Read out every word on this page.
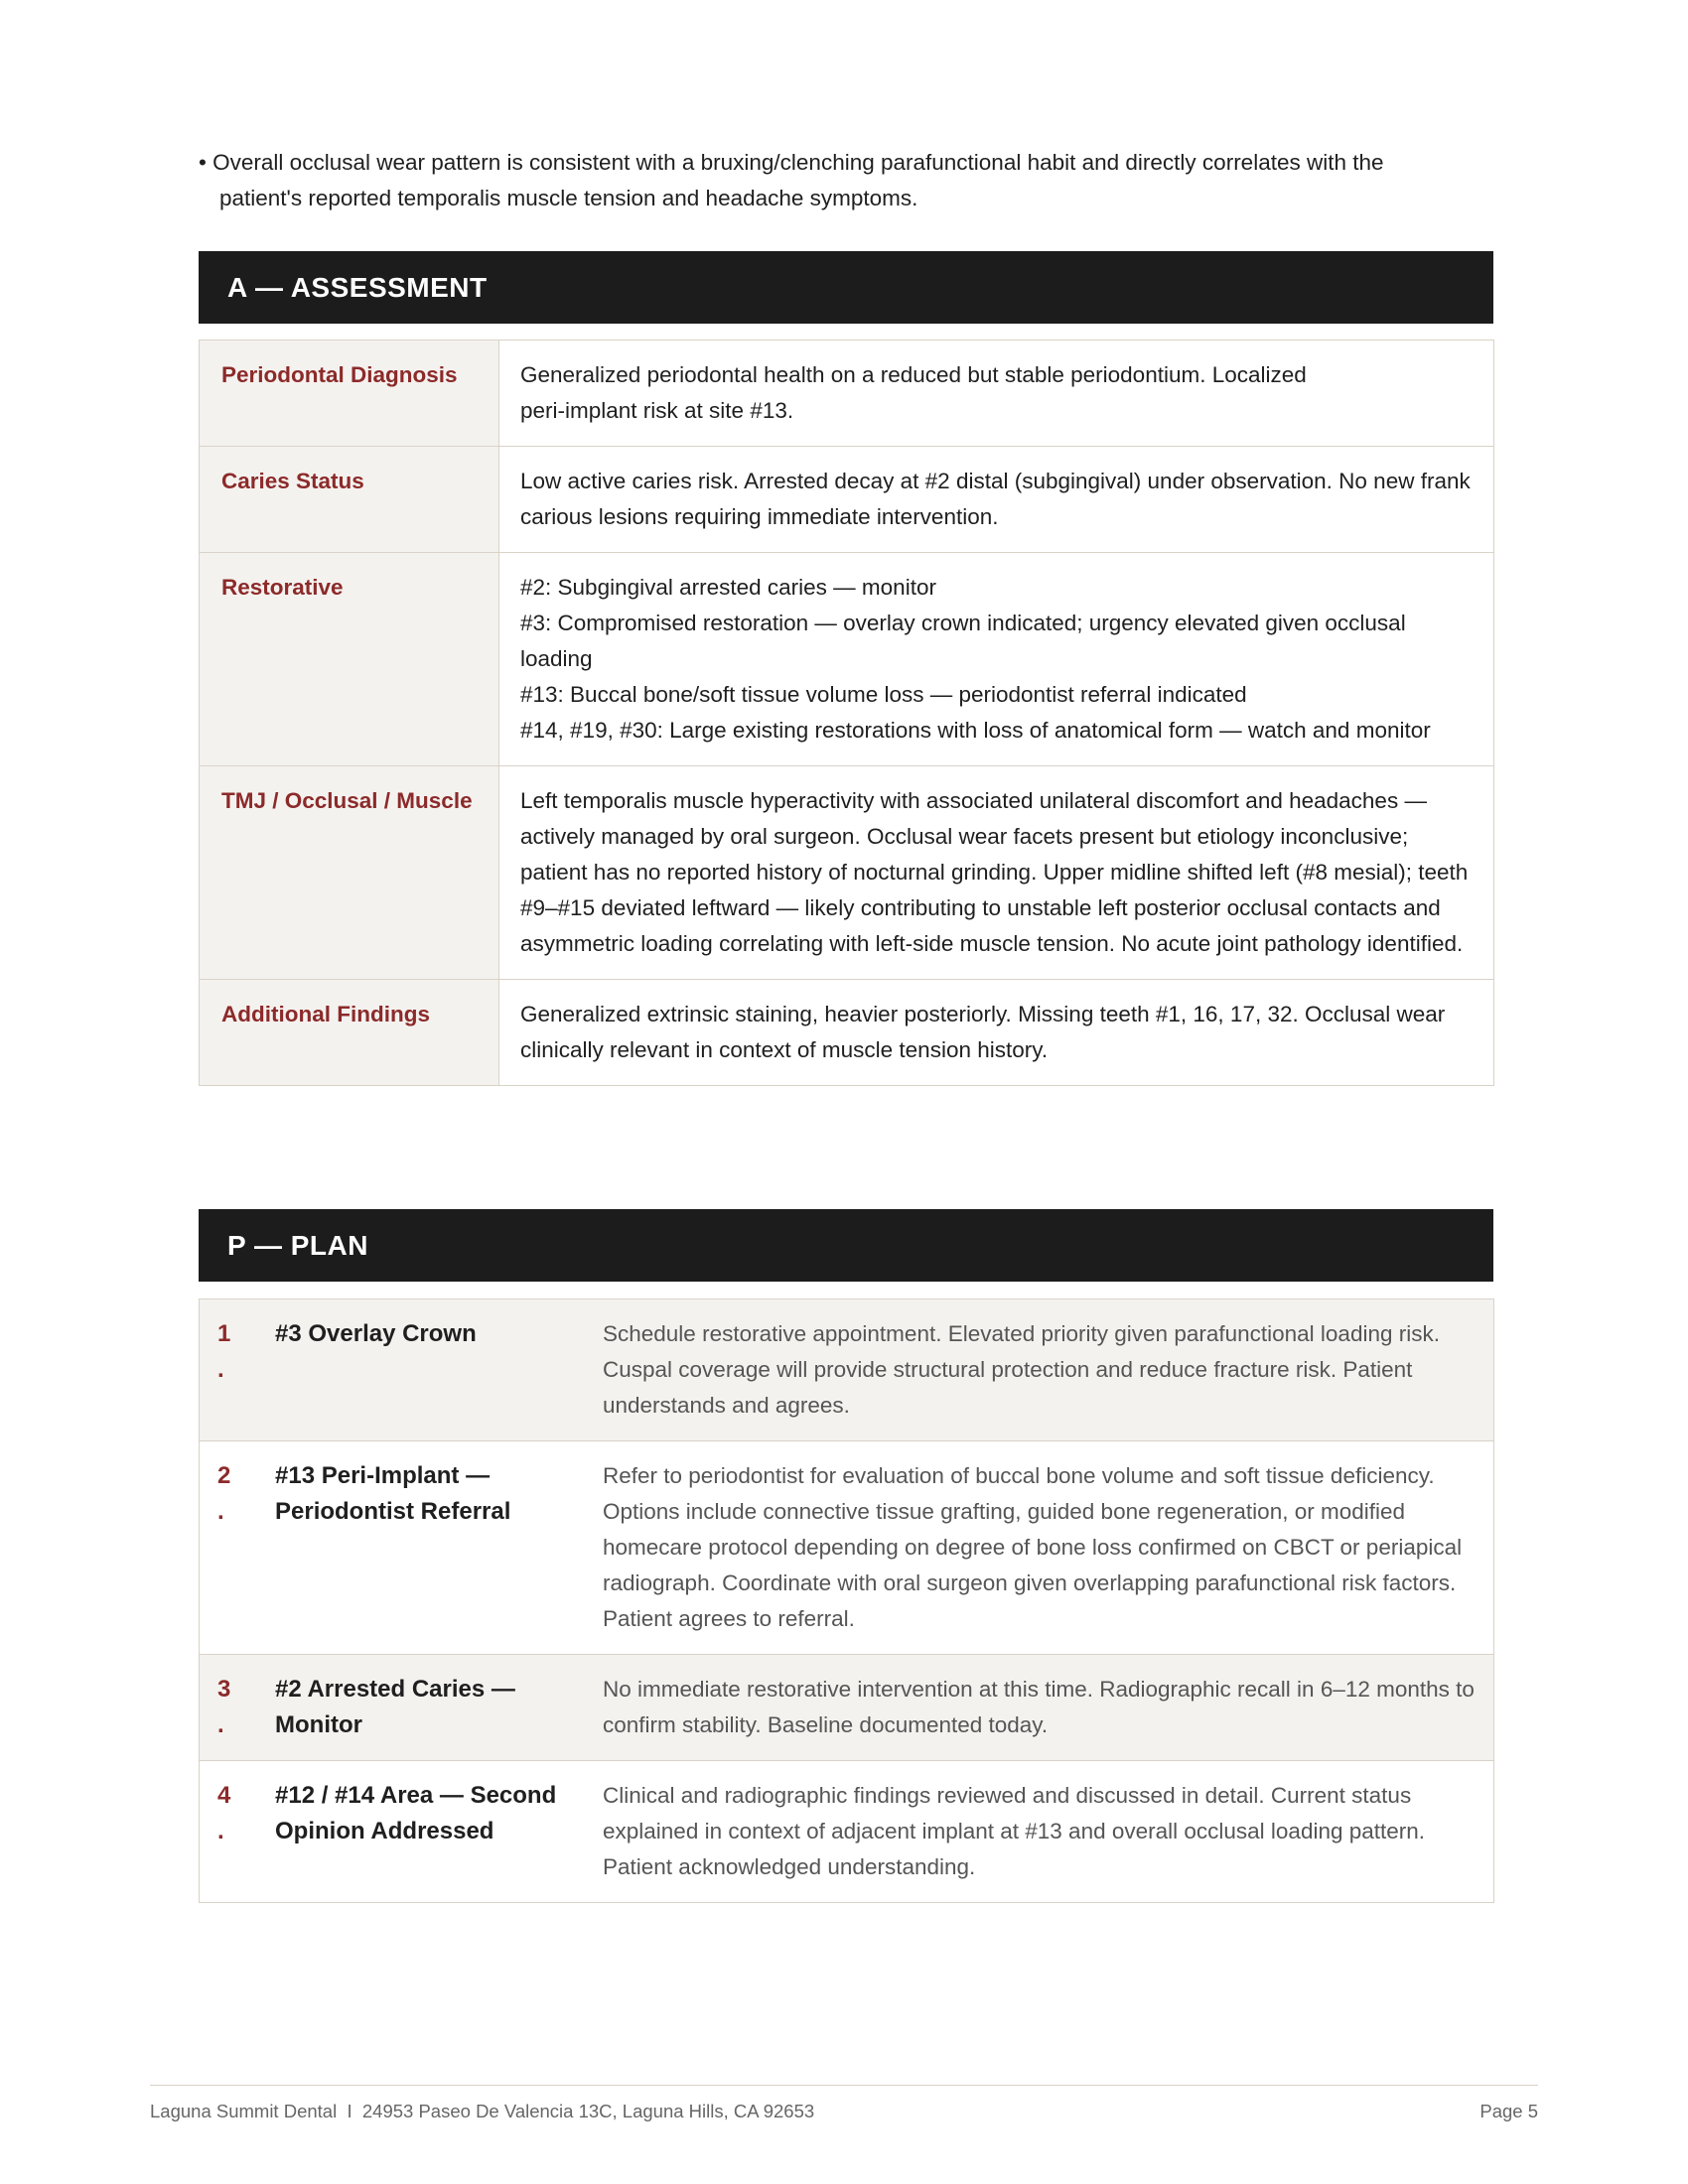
• Overall occlusal wear pattern is consistent with a bruxing/clenching parafunctional habit and directly correlates with the
patient's reported temporalis muscle tension and headache symptoms.
A — ASSESSMENT
Periodontal Diagnosis	Generalized periodontal health on a reduced but stable periodontium. Localized
peri-implant risk at site #13.

Caries Status	Low active caries risk. Arrested decay at #2 distal (subgingival) under observation. No new frank carious lesions requiring immediate intervention.

Restorative	#2: Subgingival arrested caries — monitor
#3: Compromised restoration — overlay crown indicated; urgency elevated given occlusal loading
#13: Buccal bone/soft tissue volume loss — periodontist referral indicated
#14, #19, #30: Large existing restorations with loss of anatomical form — watch and monitor

TMJ / Occlusal / Muscle	Left temporalis muscle hyperactivity with associated unilateral discomfort and headaches — actively managed by oral surgeon. Occlusal wear facets present but etiology inconclusive; patient has no reported history of nocturnal grinding. Upper midline shifted left (#8 mesial); teeth #9–#15 deviated leftward — likely contributing to unstable left posterior occlusal contacts and asymmetric loading correlating with left-side muscle tension. No acute joint pathology identified.

Additional Findings	Generalized extrinsic staining, heavier posteriorly. Missing teeth #1, 16, 17, 32. Occlusal wear clinically relevant in context of muscle tension history.
P — PLAN
1
.	#3 Overlay Crown	Schedule restorative appointment. Elevated priority given parafunctional loading risk. Cuspal coverage will provide structural protection and reduce fracture risk. Patient understands and agrees.

2
.	#13 Peri-Implant — Periodontist Referral	Refer to periodontist for evaluation of buccal bone volume and soft tissue deficiency. Options include connective tissue grafting, guided bone regeneration, or modified homecare protocol depending on degree of bone loss confirmed on CBCT or periapical radiograph. Coordinate with oral surgeon given overlapping parafunctional risk factors. Patient agrees to referral.

3
.	#2 Arrested Caries — Monitor	No immediate restorative intervention at this time. Radiographic recall in 6–12 months to confirm stability. Baseline documented today.

4
.	#12 / #14 Area — Second Opinion Addressed	Clinical and radiographic findings reviewed and discussed in detail. Current status explained in context of adjacent implant at #13 and overall occlusal loading pattern. Patient acknowledged understanding.
Laguna Summit Dental  I  24953 Paseo De Valencia 13C, Laguna Hills, CA 92653	Page 5
